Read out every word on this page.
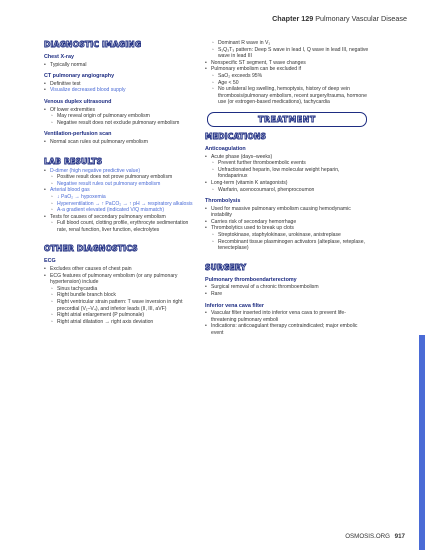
Chapter 129 Pulmonary Vascular Disease
DIAGNOSTIC IMAGING
Chest X-ray

• Typically normal

CT pulmonary angiography

• Definitive test

• Visualize decreased blood supply

Venous duplex ultrasound

• Of lower extremities

◦ May reveal origin of pulmonary embolism

◦ Negative result does not exclude pulmonary embolism

Ventilation-perfusion scan

• Normal scan rules out pulmonary embolism

LAB RESULTS

• D-dimer (high negative predictive value)

◦ Positive result does not prove pulmonary embolism

◦ Negative result rules out pulmonary embolism

• Arterial blood gas

◦ ↓ PaO₂ → hypoxemia

◦ Hyperventilation → ↑ PaCO₂ → ↑ pH → respiratory alkalosis

◦ A-a gradient elevated (indicated V/Q mismatch)

• Tests for causes of secondary pulmonary embolism

◦ Full blood count, clotting profile, erythrocyte sedimentation rate, renal function, liver function, electrolytes

OTHER DIAGNOSTICS
ECG

• Excludes other causes of chest pain

• ECG features of pulmonary embolism (or any pulmonary hypertension) include

◦ Sinus tachycardia

◦ Right bundle branch block

◦ Right ventricular strain pattern: T wave inversion in right precordial (V₁–V₄), and inferior leads (II, III, aVF)

◦ Right atrial enlargement (P pulmonale)

◦ Right atrial dilatation → right axis deviation

◦ Dominant R wave in V₁

◦ S₁Q₃T₃ pattern: Deep S wave in lead I, Q wave in lead III, negative wave in lead III

• Nonspecific ST segment, T wave changes

• Pulmonary embolism can be excluded if

◦ SaO₂ exceeds 95%

◦ Age < 50

◦ No unilateral leg swelling, hemoptysis, history of deep vein thrombosis/pulmonary embolism, recent surgery/trauma, hormone use (or estrogen-based medications), tachycardia

TREATMENT
MEDICATIONS
Anticoagulation

• Acute phase (days–weeks)

◦ Prevent further thromboembolic events

◦ Unfractionated heparin, low molecular weight heparin, fondaparinux

• Long-term (vitamin K antagonists)

◦ Warfarin, acenocoumarol, phenprocoumon

Thrombolysis

• Used for massive pulmonary embolism causing hemodynamic instability

• Carries risk of secondary hemorrhage

• Thrombolytics used to break up clots

◦ Streptokinase, staphylokinase, urokinase, anistreplase

◦ Recombinant tissue plasminogen activators (alteplase, reteplase, tenecteplase)

SURGERY
Pulmonary thromboendarterectomy

• Surgical removal of a chronic thromboembolism

• Rare

Inferior vena cava filter

• Vascular filter inserted into inferior vena cava to prevent life-threatening pulmonary emboli

• Indications: anticoagulant therapy contraindicated; major embolic event

OSMOSIS.ORG 917
